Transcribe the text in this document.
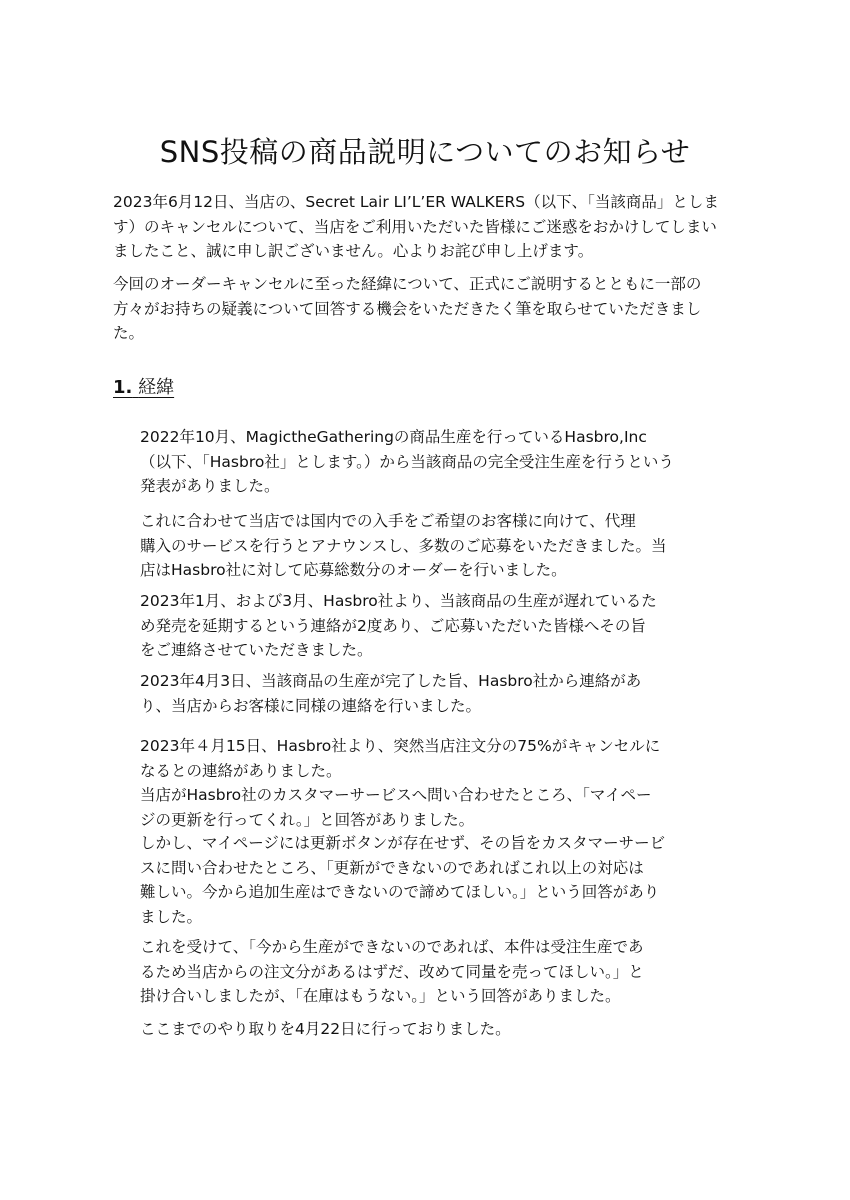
SNS投稿の商品説明についてのお知らせ

2023年6月12日、当店の、Secret Lair LI’L’ER WALKERS（以下、「当該商品」としま
す）のキャンセルについて、当店をご利用いただいた皆様にご迷惑をおかけしてしまい
ましたこと、誠に申し訳ございません。心よりお詫び申し上げます。

今回のオーダーキャンセルに至った経緯について、正式にご説明するとともに一部の
方々がお持ちの疑義について回答する機会をいただきたく筆を取らせていただきまし
た。

1. 経緯

2022年10月、MagictheGatheringの商品生産を行っているHasbro,Inc
（以下、「Hasbro社」とします。）から当該商品の完全受注生産を行うという
発表がありました。

これに合わせて当店では国内での入手をご希望のお客様に向けて、代理
購入のサービスを行うとアナウンスし、多数のご応募をいただきました。当
店はHasbro社に対して応募総数分のオーダーを行いました。

2023年1月、および3月、Hasbro社より、当該商品の生産が遅れているた
め発売を延期するという連絡が2度あり、ご応募いただいた皆様へその旨
をご連絡させていただきました。

2023年4月3日、当該商品の生産が完了した旨、Hasbro社から連絡があ
り、当店からお客様に同様の連絡を行いました。

2023年４月15日、Hasbro社より、突然当店注文分の75%がキャンセルに
なるとの連絡がありました。
当店がHasbro社のカスタマーサービスへ問い合わせたところ、「マイペー
ジの更新を行ってくれ。」と回答がありました。

しかし、マイページには更新ボタンが存在せず、その旨をカスタマーサービ
スに問い合わせたところ、「更新ができないのであればこれ以上の対応は
難しい。今から追加生産はできないので諦めてほしい。」という回答があり
ました。

これを受けて、「今から生産ができないのであれば、本件は受注生産であ
るため当店からの注文分があるはずだ、改めて同量を売ってほしい。」と
掛け合いしましたが、「在庫はもうない。」という回答がありました。

ここまでのやり取りを4月22日に行っておりました。
